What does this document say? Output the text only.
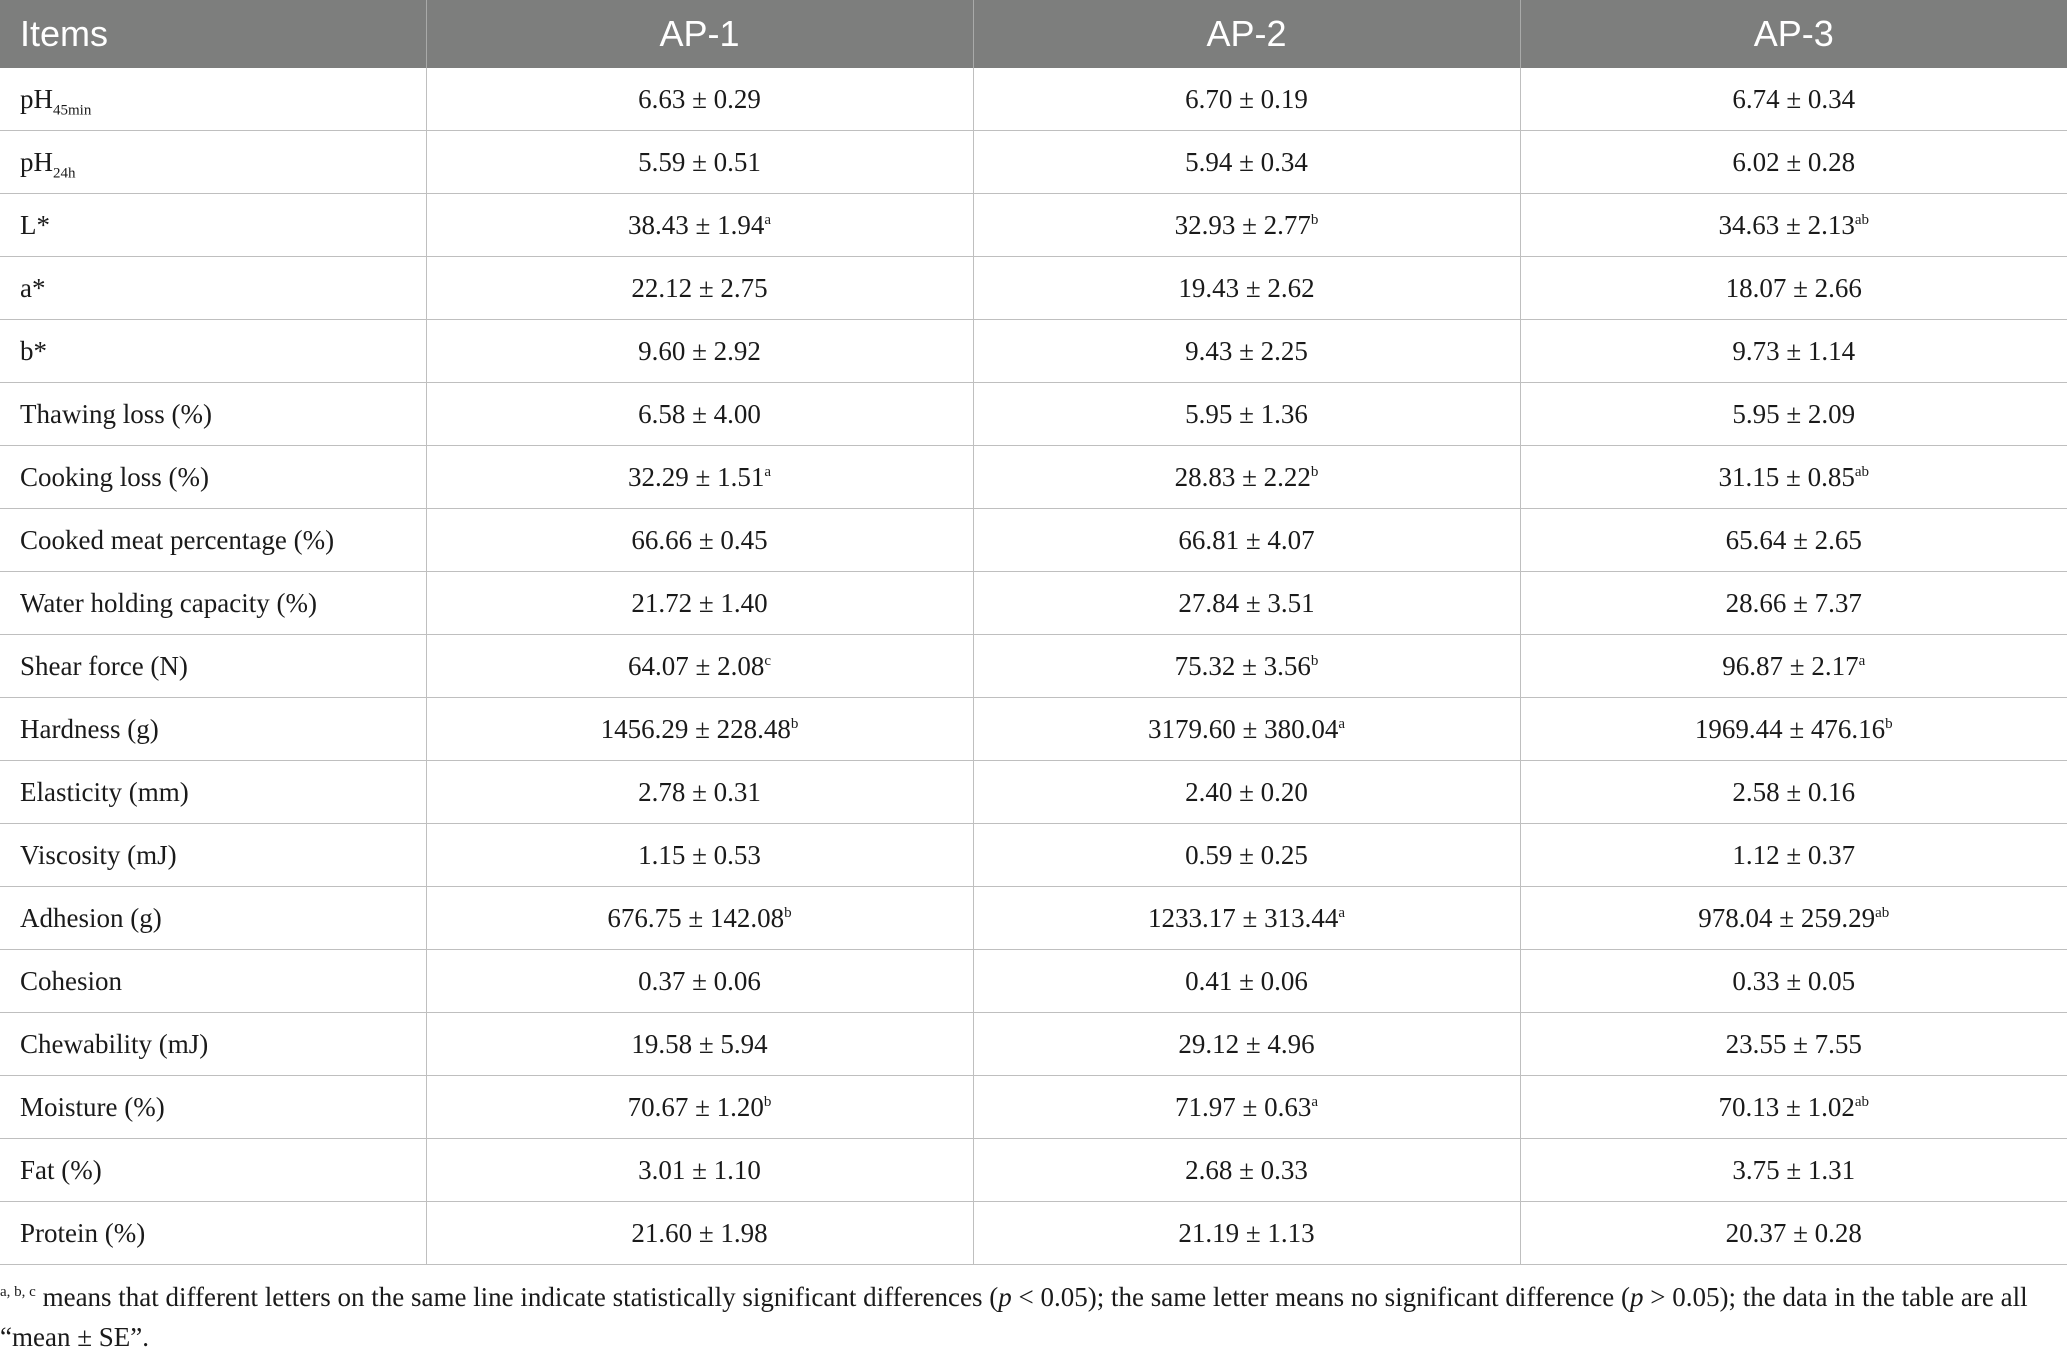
Items	AP-1	AP-2	AP-3
$pH_{45min}$	6.63 ± 0.29	6.70 ± 0.19	6.74 ± 0.34
$pH_{24h}$	5.59 ± 0.51	5.94 ± 0.34	6.02 ± 0.28
L*	38.43 ± 1.94$^a$	32.93 ± 2.77$^b$	34.63 ± 2.13$^{ab}$
a*	22.12 ± 2.75	19.43 ± 2.62	18.07 ± 2.66
b*	9.60 ± 2.92	9.43 ± 2.25	9.73 ± 1.14
Thawing loss (%)	6.58 ± 4.00	5.95 ± 1.36	5.95 ± 2.09
Cooking loss (%)	32.29 ± 1.51$^a$	28.83 ± 2.22$^b$	31.15 ± 0.85$^{ab}$
Cooked meat percentage (%)	66.66 ± 0.45	66.81 ± 4.07	65.64 ± 2.65
Water holding capacity (%)	21.72 ± 1.40	27.84 ± 3.51	28.66 ± 7.37
Shear force (N)	64.07 ± 2.08$^c$	75.32 ± 3.56$^b$	96.87 ± 2.17$^a$
Hardness (g)	1456.29 ± 228.48$^b$	3179.60 ± 380.04$^a$	1969.44 ± 476.16$^b$
Elasticity (mm)	2.78 ± 0.31	2.40 ± 0.20	2.58 ± 0.16
Viscosity (mJ)	1.15 ± 0.53	0.59 ± 0.25	1.12 ± 0.37
Adhesion (g)	676.75 ± 142.08$^b$	1233.17 ± 313.44$^a$	978.04 ± 259.29$^{ab}$
Cohesion	0.37 ± 0.06	0.41 ± 0.06	0.33 ± 0.05
Chewability (mJ)	19.58 ± 5.94	29.12 ± 4.96	23.55 ± 7.55
Moisture (%)	70.67 ± 1.20$^b$	71.97 ± 0.63$^a$	70.13 ± 1.02$^{ab}$
Fat (%)	3.01 ± 1.10	2.68 ± 0.33	3.75 ± 1.31
Protein (%)	21.60 ± 1.98	21.19 ± 1.13	20.37 ± 0.28
$^{a, b, c}$ means that different letters on the same line indicate statistically significant differences (p < 0.05); the same letter means no significant difference (p > 0.05); the data in the table are all “mean ± SE”.
